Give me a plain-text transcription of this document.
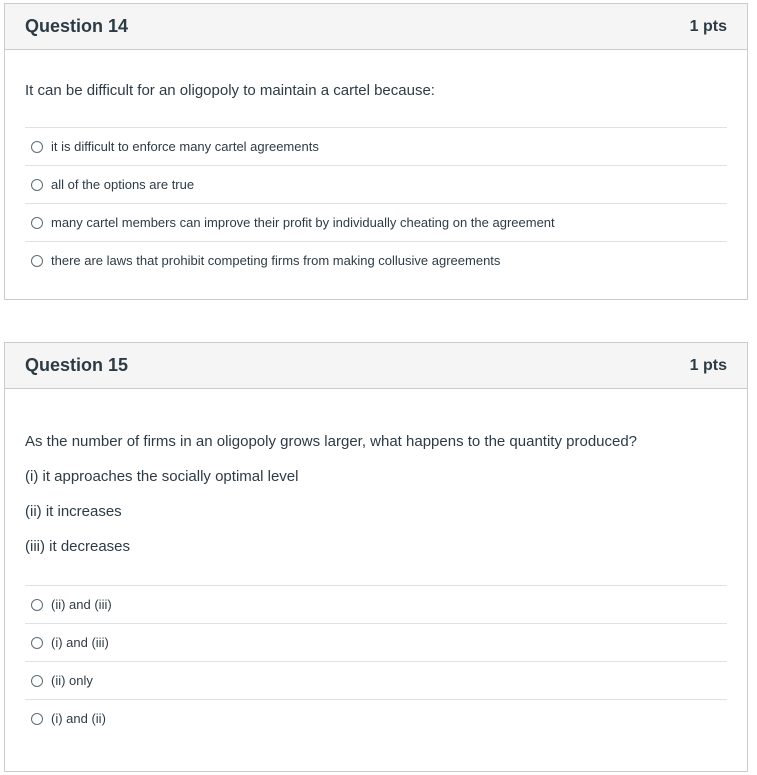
Question 14	1 pts

It can be difficult for an oligopoly to maintain a cartel because:

it is difficult to enforce many cartel agreements
all of the options are true
many cartel members can improve their profit by individually cheating on the agreement
there are laws that prohibit competing firms from making collusive agreements
Question 15	1 pts

As the number of firms in an oligopoly grows larger, what happens to the quantity produced?

(i) it approaches the socially optimal level

(ii) it increases

(iii) it decreases

(ii) and (iii)
(i) and (iii)
(ii) only
(i) and (ii)
